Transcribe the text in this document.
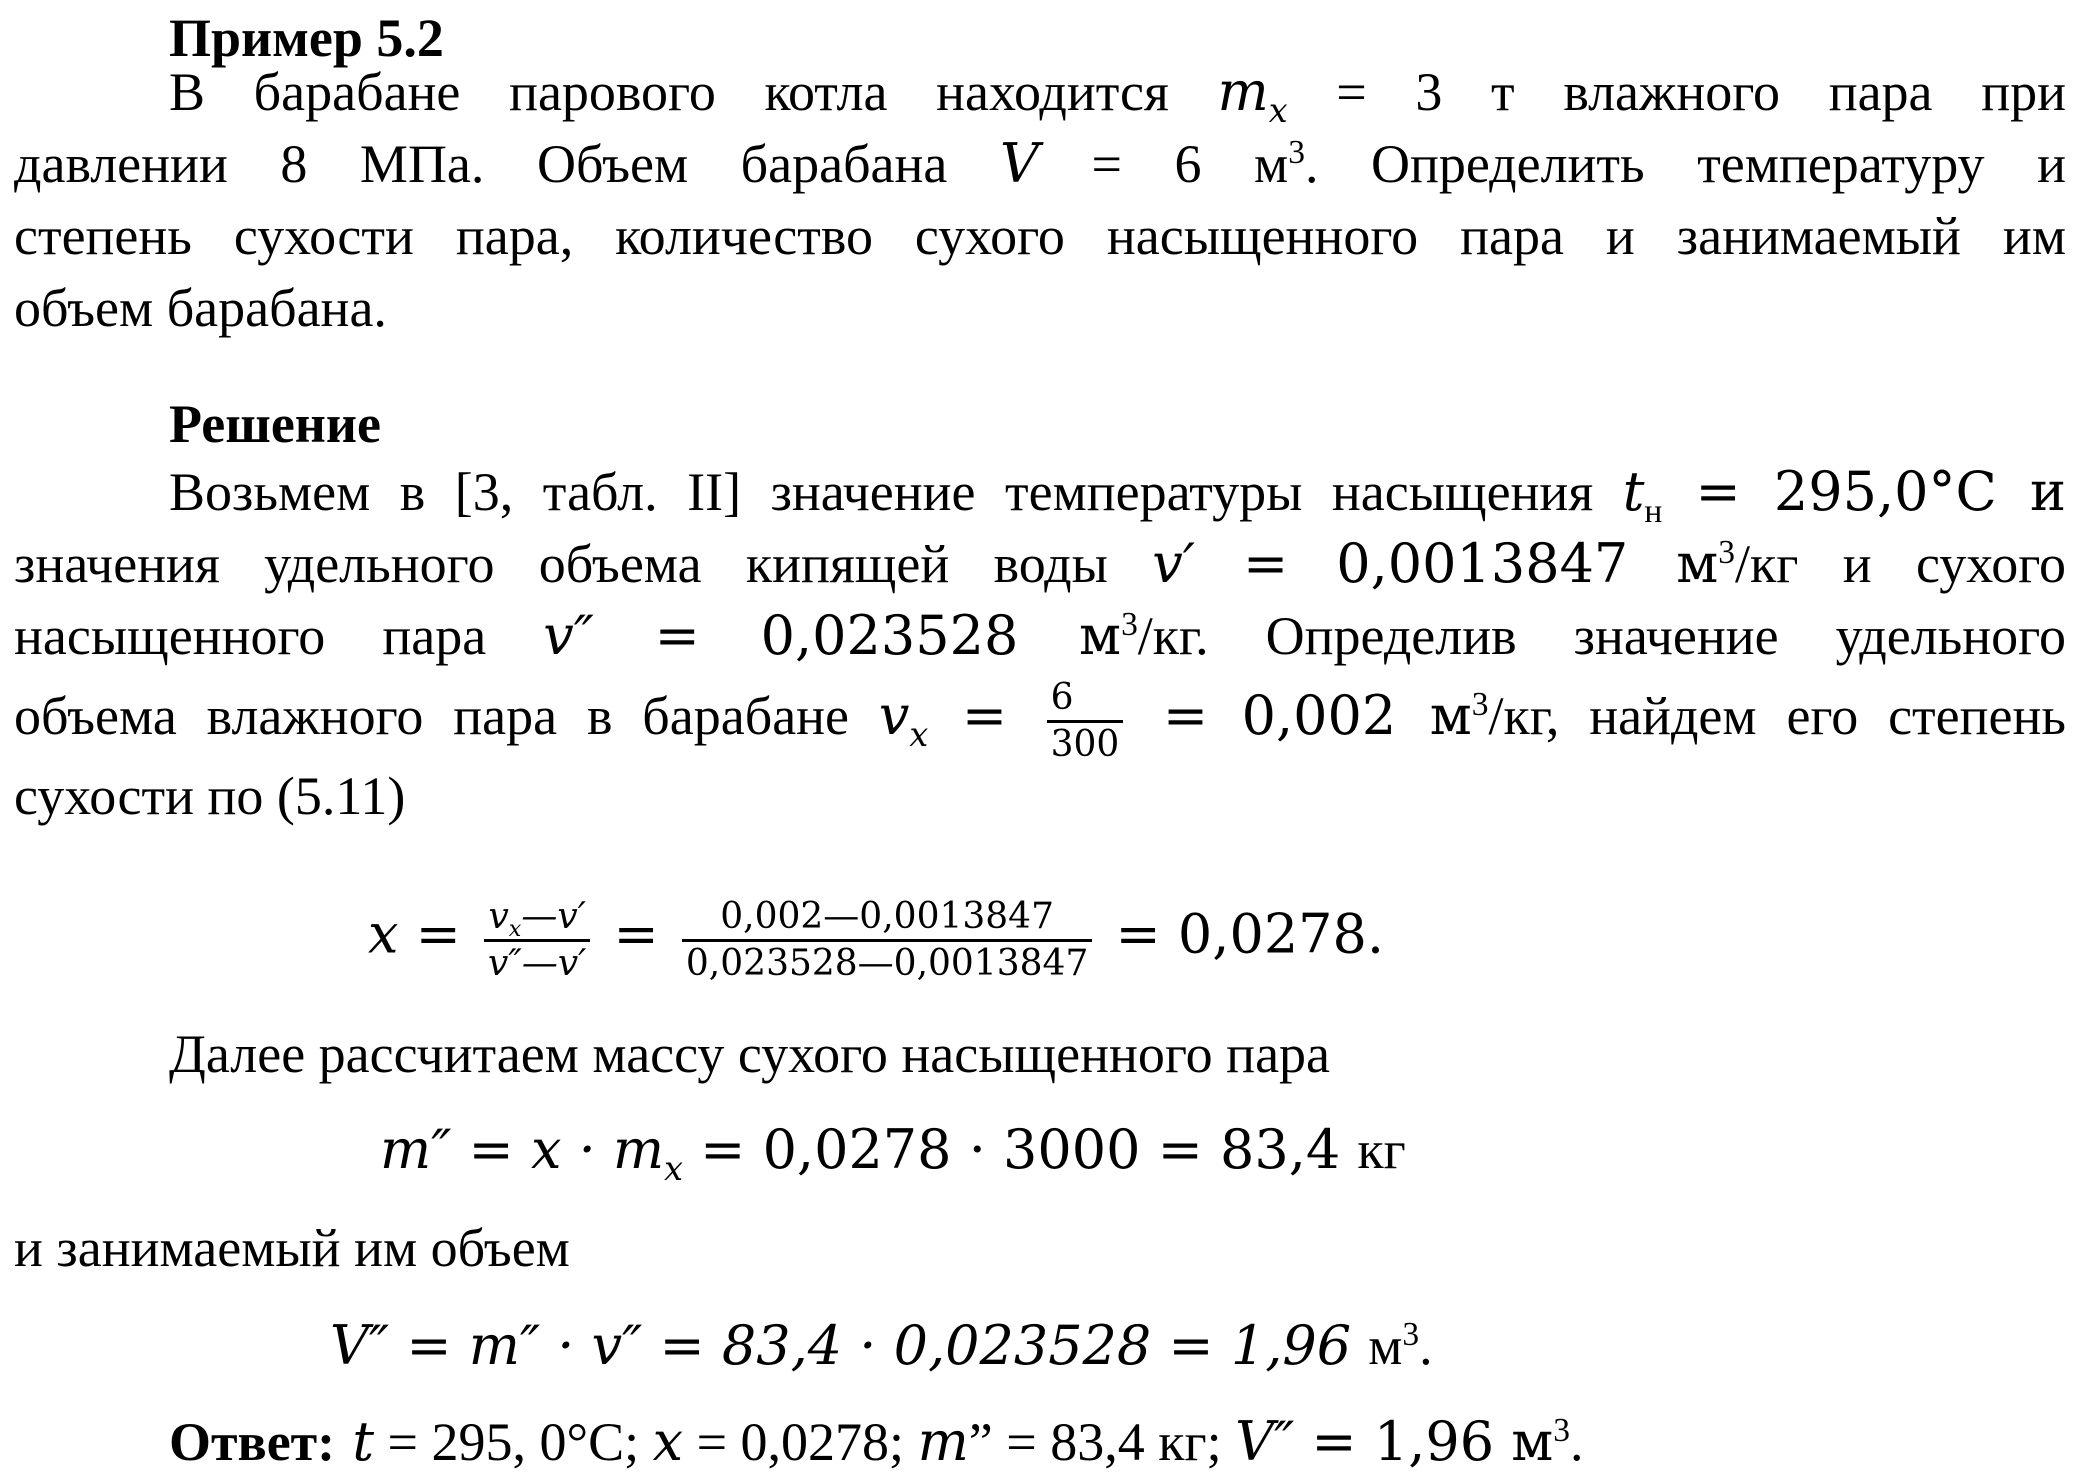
Пример 5.2
В барабане парового котла находится $m_x = 3$ т влажного пара при
давлении 8 МПа. Объем барабана V = 6 $м^3$. Определить температуру и
степень сухости пара, количество сухого насыщенного пара и занимаемый им
объем барабана.
Решение
Возьмем в [3, табл. II] значение температуры насыщения $t_н = 295,0^\circ C$ и
значения удельного объема кипящей воды v′ = 0,0013847 $м^3/кг$ и сухого
насыщенного пара v″ = 0,023528 $м^3/кг$. Определив значение удельного
объема влажного пара в барабане $v_x = \frac{6}{300} = 0,002$ $м^3/кг$, найдем его степень
сухости по (5.11)
$x = \frac{v_x—v'}{v''—v'} = \frac{0,002—0,0013847}{0,023528—0,0013847} = 0,0278$.
Далее рассчитаем массу сухого насыщенного пара
$m'' = x \cdot m_x = 0,0278 \cdot 3000 = 83,4$ кг
и занимаемый им объем
V″ = m″ · v″ = 83,4 · 0,023528 = 1,96 $м^3$.
Ответ: t = 295, 0°C; x = 0,0278; m” = 83,4 кг; V″ = 1,96 $м^3$.
